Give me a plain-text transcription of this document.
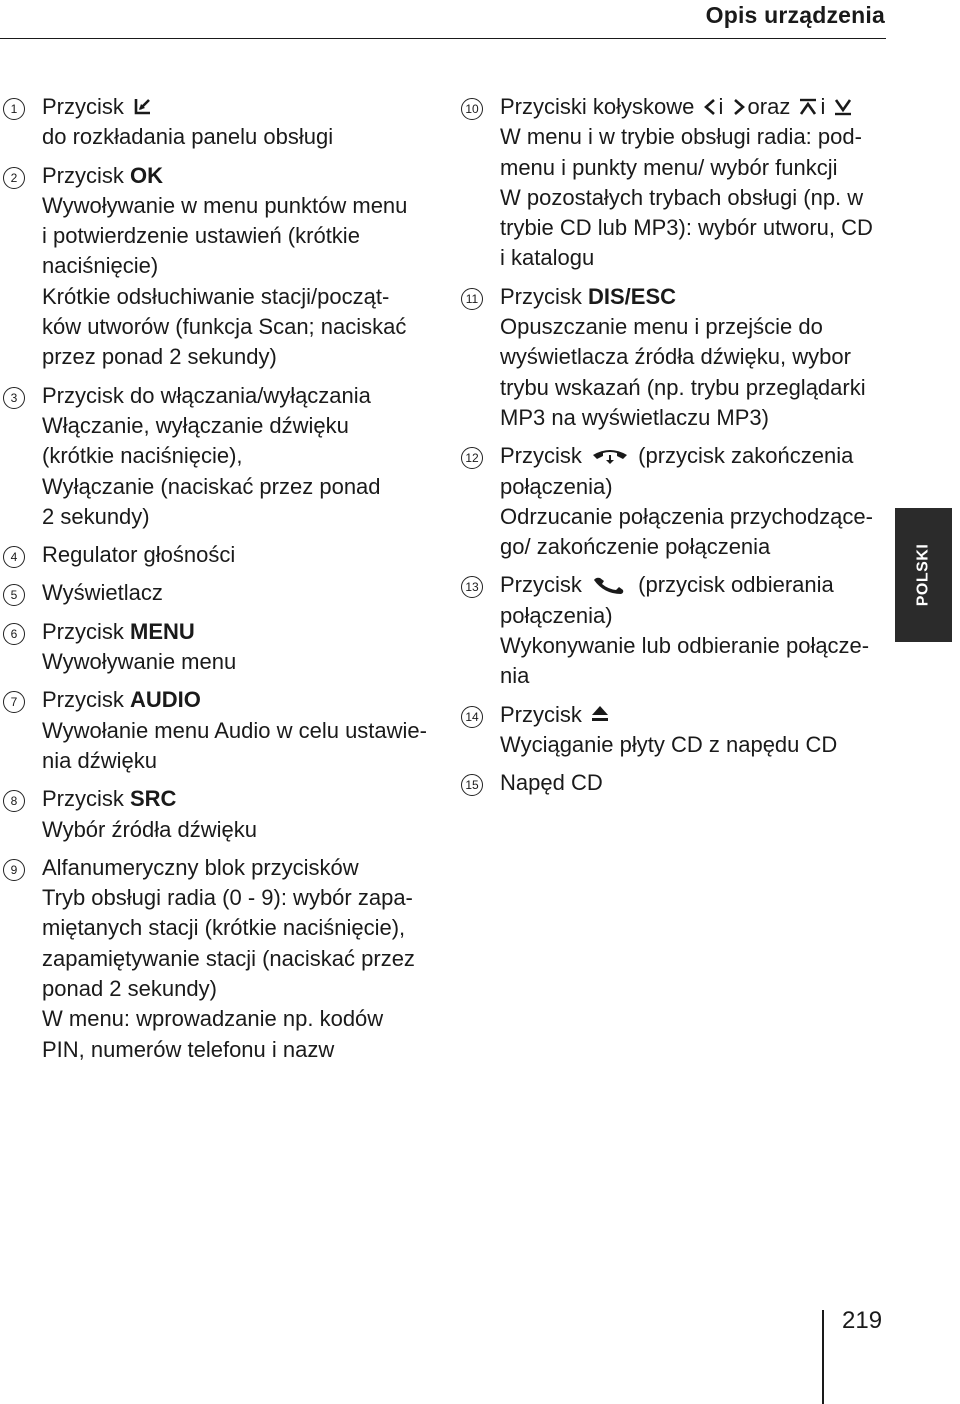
Opis urządzenia
1	Przycisk
do rozkładania panelu obsługi
2	Przycisk OK
Wywoływanie w menu punktów menu
i potwierdzenie ustawień (krótkie
naciśnięcie)
Krótkie odsłuchiwanie stacji/począt-
ków utworów (funkcja Scan; naciskać
przez ponad 2 sekundy)
3	Przycisk do włączania/wyłączania
Włączanie, wyłączanie dźwięku
(krótkie naciśnięcie),
Wyłączanie (naciskać przez ponad
2 sekundy)
4	Regulator głośności
5	Wyświetlacz
6	Przycisk MENU
Wywoływanie menu
7	Przycisk AUDIO
Wywołanie menu Audio w celu ustawie-
nia dźwięku
8	Przycisk SRC
Wybór źródła dźwięku
9	Alfanumeryczny blok przycisków
Tryb obsługi radia (0 - 9): wybór zapa-
miętanych stacji (krótkie naciśnięcie),
zapamiętywanie stacji (naciskać przez
ponad 2 sekundy)
W menu: wprowadzanie np. kodów
PIN, numerów telefonu i nazw
10 Przyciski kołyskowe i oraz i
W menu i w trybie obsługi radia: pod-
menu i punkty menu/ wybór funkcji
W pozostałych trybach obsługi (np. w
trybie CD lub MP3): wybór utworu, CD
i katalogu
11 Przycisk DIS/ESC
Opuszczanie menu i przejście do
wyświetlacza źródła dźwięku, wybor
trybu wskazań (np. trybu przeglądarki
MP3 na wyświetlaczu MP3)
12 Przycisk	(przycisk zakończenia
połączenia)
Odrzucanie połączenia przychodzące-
go/ zakończenie połączenia
13 Przycisk	(przycisk odbierania
połączenia)
Wykonywanie lub odbieranie połącze-
nia
14 Przycisk
Wyciąganie płyty CD z napędu CD
15 Napęd CD
POLSKI
219
